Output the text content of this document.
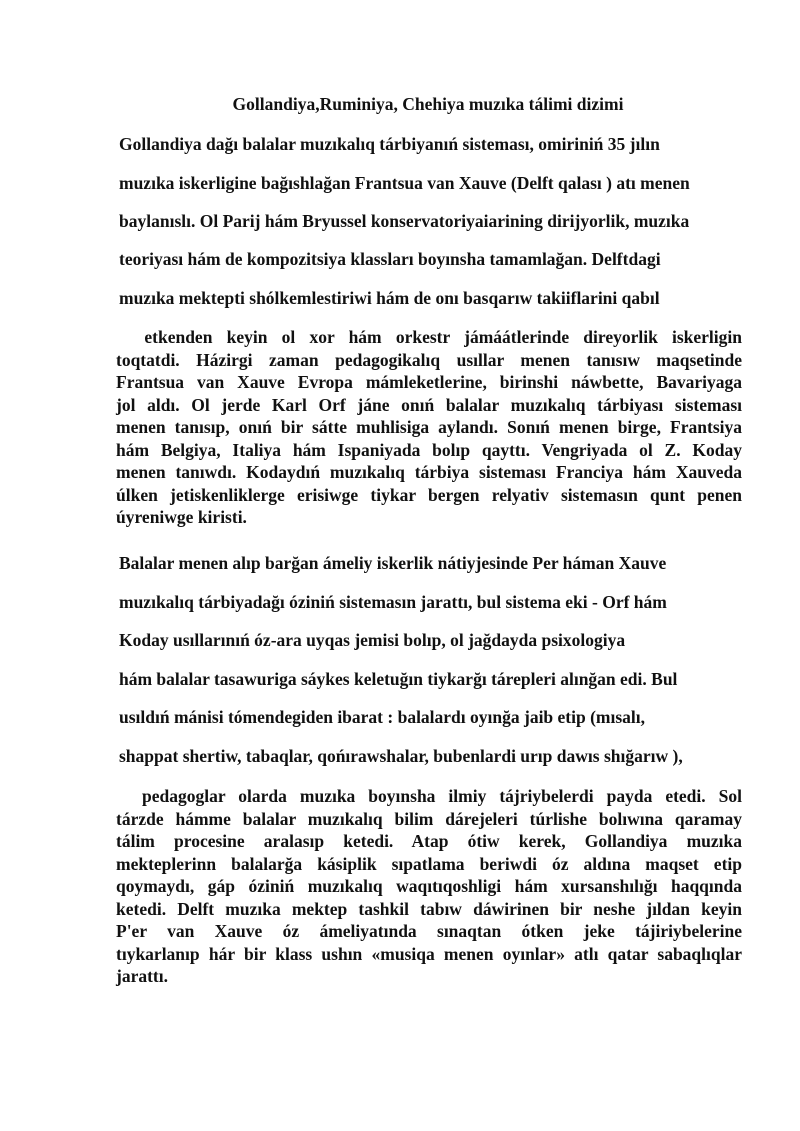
Gollandiya,Ruminiya, Chehiya muzıka tálimi dizimi
Gollandiya dağı balalar muzıkalıq tárbiyanıń sisteması, omiriniń 35 jılın
muzıka iskerligine bağıshlağan Frantsua van Xauve (Delft qalası ) atı menen
baylanıslı. Ol Parij hám Bryussel konservatoriyaiarining dirijyorlik, muzıka
teoriyası hám de kompozitsiya klassları boyınsha tamamlağan. Delftdagi
muzıka mektepti shólkemlestiriwi hám de onı basqarıw takiiflarini qabıl
etkenden keyin ol xor hám orkestr jámáátlerinde direyorlik iskerligin
toqtatdi. Házirgi zaman pedagogikalıq usıllar menen tanısıw maqsetinde
Frantsua van Xauve Evropa mámleketlerine, birinshi náwbette, Bavariyaga
jol aldı. Ol jerde Karl Orf jáne onıń balalar muzıkalıq tárbiyası sisteması
menen tanısıp, onıń bir sátte muhlisiga aylandı. Sonıń menen birge, Frantsiya
hám Belgiya, Italiya hám Ispaniyada bolıp qayttı. Vengriyada ol Z. Koday
menen tanıwdı. Kodaydıń muzıkalıq tárbiya sisteması Franciya hám Xauveda
úlken jetiskenliklerge erisiwge tiykar bergen relyativ sistemasın qunt penen
úyreniwge kiristi.
Balalar menen alıp barğan ámeliy iskerlik nátiyjesinde Per háman Xauve
muzıkalıq tárbiyadağı óziniń sistemasın jarattı, bul sistema eki - Orf hám
Koday usıllarınıń óz-ara uyqas jemisi bolıp, ol jağdayda psixologiya
hám balalar tasawuriga sáykes keletuğın tiykarğı tárepleri alınğan edi. Bul
usıldıń mánisi tómendegiden ibarat : balalardı oyınğa jaib etip (mısalı,
shappat shertiw, tabaqlar, qońırawshalar, bubenlardi urıp dawıs shığarıw ),
pedagoglar olarda muzıka boyınsha ilmiy tájriybelerdi payda etedi. Sol
tárzde hámme balalar muzıkalıq bilim dárejeleri túrlishe bolıwına qaramay
tálim procesine aralasıp ketedi. Atap ótiw kerek, Gollandiya muzıka
mekteplerinn balalarğa kásiplik sıpatlama beriwdi óz aldına maqset etip
qoymaydı, gáp óziniń muzıkalıq waqıtıqoshligi hám xursanshılığı haqqında
ketedi. Delft muzıka mektep tashkil tabıw dáwirinen bir neshe jıldan keyin
P'er van Xauve óz ámeliyatında sınaqtan ótken jeke tájiriybelerine
tıykarlanıp hár bir klass ushın «musiqa menen oyınlar» atlı qatar sabaqlıqlar
jarattı.
